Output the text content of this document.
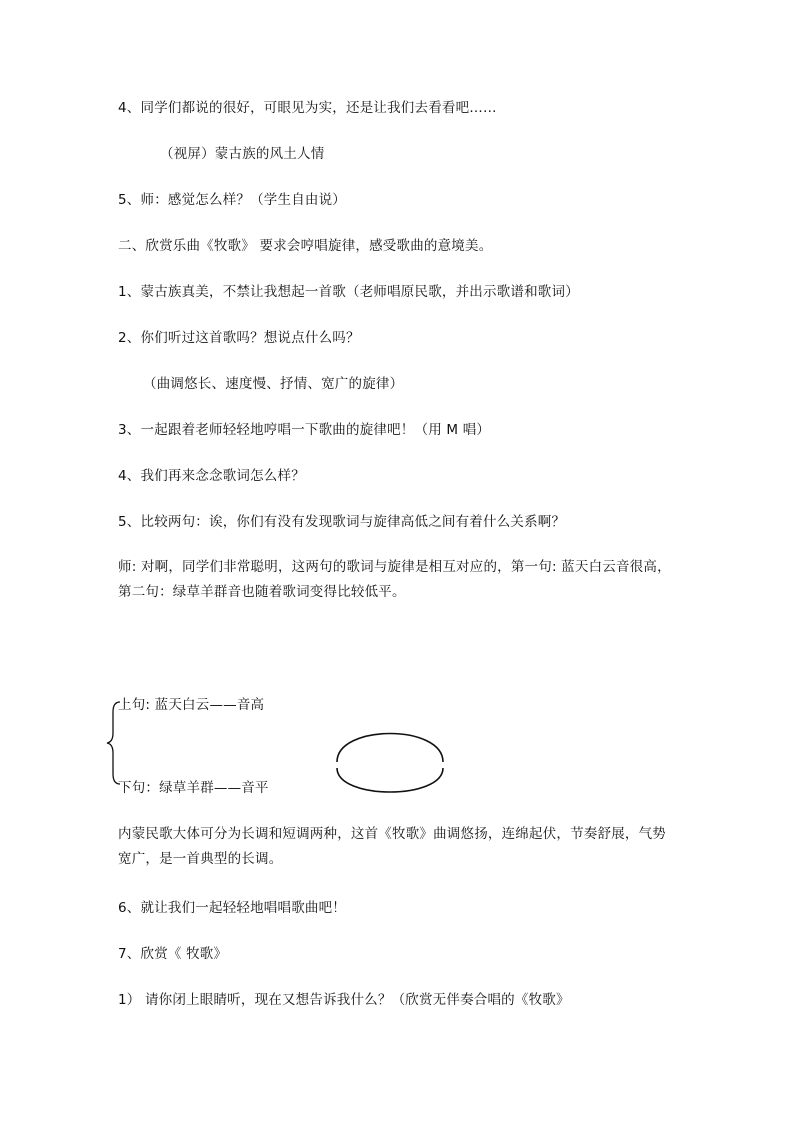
4、同学们都说的很好，可眼见为实，还是让我们去看看吧……
（视屏）蒙古族的风土人情
5、师：感觉怎么样？（学生自由说）
二、欣赏乐曲《牧歌》 要求会哼唱旋律，感受歌曲的意境美。
1、蒙古族真美，不禁让我想起一首歌（老师唱原民歌，并出示歌谱和歌词）
2、你们听过这首歌吗？想说点什么吗？
（曲调悠长、速度慢、抒情、宽广的旋律）
3、一起跟着老师轻轻地哼唱一下歌曲的旋律吧！（用 M 唱）
4、我们再来念念歌词怎么样？
5、比较两句：诶，你们有没有发现歌词与旋律高低之间有着什么关系啊？
师: 对啊，同学们非常聪明，这两句的歌词与旋律是相互对应的，第一句: 蓝天白云音很高，第二句：绿草羊群音也随着歌词变得比较低平。
上句: 蓝天白云——音高
下句：绿草羊群——音平
内蒙民歌大体可分为长调和短调两种，这首《牧歌》曲调悠扬，连绵起伏，节奏舒展，气势宽广，是一首典型的长调。
6、就让我们一起轻轻地唱唱歌曲吧！
7、欣赏《 牧歌》
1） 请你闭上眼睛听，现在又想告诉我什么？（欣赏无伴奏合唱的《牧歌》
